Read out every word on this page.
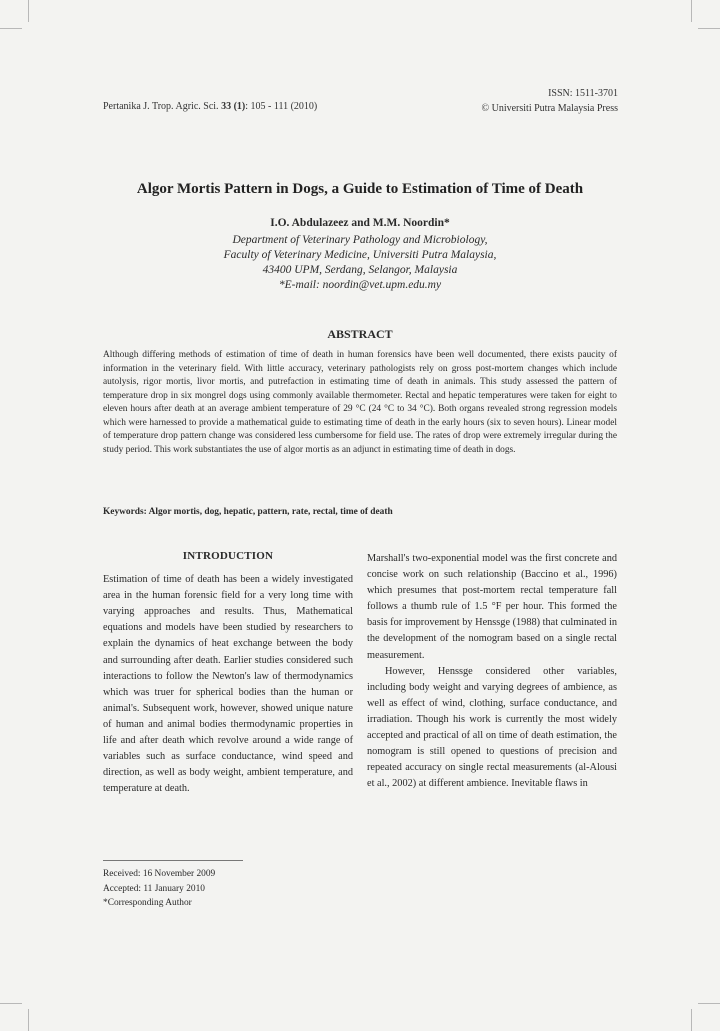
Pertanika J. Trop. Agric. Sci. 33 (1): 105 - 111 (2010)
ISSN: 1511-3701
© Universiti Putra Malaysia Press
Algor Mortis Pattern in Dogs, a Guide to Estimation of Time of Death
I.O. Abdulazeez and M.M. Noordin*
Department of Veterinary Pathology and Microbiology,
Faculty of Veterinary Medicine, Universiti Putra Malaysia,
43400 UPM, Serdang, Selangor, Malaysia
*E-mail: noordin@vet.upm.edu.my
ABSTRACT

Although differing methods of estimation of time of death in human forensics have been well documented, there exists paucity of information in the veterinary field. With little accuracy, veterinary pathologists rely on gross post-mortem changes which include autolysis, rigor mortis, livor mortis, and putrefaction in estimating time of death in animals. This study assessed the pattern of temperature drop in six mongrel dogs using commonly available thermometer. Rectal and hepatic temperatures were taken for eight to eleven hours after death at an average ambient temperature of 29 °C (24 °C to 34 °C). Both organs revealed strong regression models which were harnessed to provide a mathematical guide to estimating time of death in the early hours (six to seven hours). Linear model of temperature drop pattern change was considered less cumbersome for field use. The rates of drop were extremely irregular during the study period. This work substantiates the use of algor mortis as an adjunct in estimating time of death in dogs.

Keywords: Algor mortis, dog, hepatic, pattern, rate, rectal, time of death
INTRODUCTION

Estimation of time of death has been a widely investigated area in the human forensic field for a very long time with varying approaches and results. Thus, Mathematical equations and models have been studied by researchers to explain the dynamics of heat exchange between the body and surrounding after death. Earlier studies considered such interactions to follow the Newton's law of thermodynamics which was truer for spherical bodies than the human or animal's. Subsequent work, however, showed unique nature of human and animal bodies thermodynamic properties in life and after death which revolve around a wide range of variables such as surface conductance, wind speed and direction, as well as body weight, ambient temperature, and temperature at death.

Marshall's two-exponential model was the first concrete and concise work on such relationship (Baccino et al., 1996) which presumes that post-mortem rectal temperature fall follows a thumb rule of 1.5 °F per hour. This formed the basis for improvement by Henssge (1988) that culminated in the development of the nomogram based on a single rectal measurement.

However, Henssge considered other variables, including body weight and varying degrees of ambience, as well as effect of wind, clothing, surface conductance, and irradiation. Though his work is currently the most widely accepted and practical of all on time of death estimation, the nomogram is still opened to questions of precision and repeated accuracy on single rectal measurements (al-Alousi et al., 2002) at different ambience. Inevitable flaws in

Received: 16 November 2009
Accepted: 11 January 2010
*Corresponding Author
